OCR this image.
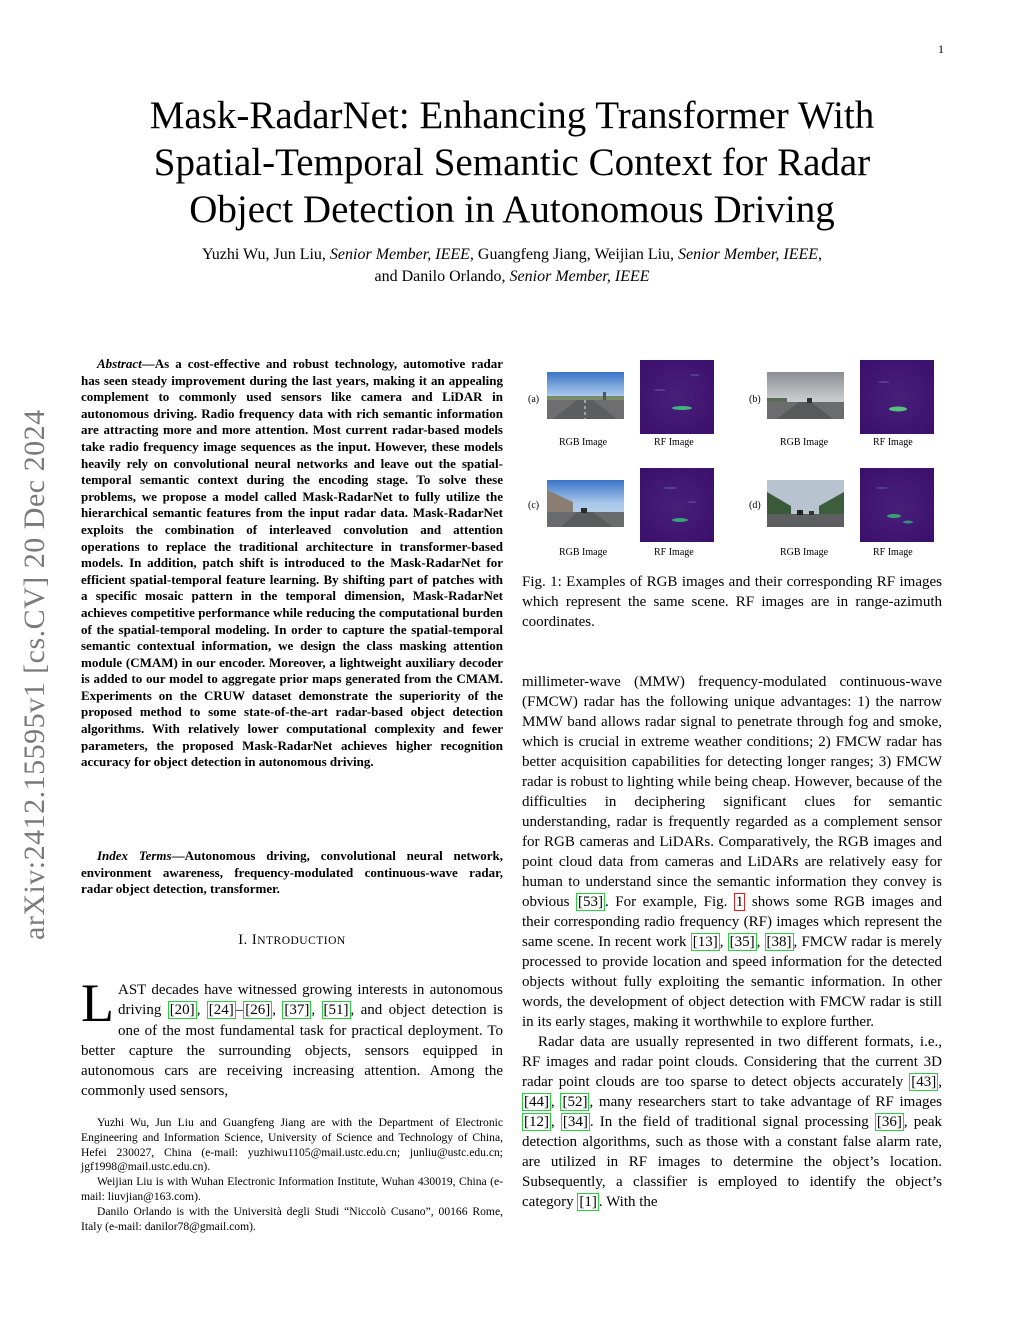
1
arXiv:2412.15595v1 [cs.CV] 20 Dec 2024
Mask-RadarNet: Enhancing Transformer With Spatial-Temporal Semantic Context for Radar Object Detection in Autonomous Driving
Yuzhi Wu, Jun Liu, Senior Member, IEEE, Guangfeng Jiang, Weijian Liu, Senior Member, IEEE,
and Danilo Orlando, Senior Member, IEEE
Abstract—As a cost-effective and robust technology, automotive radar has seen steady improvement during the last years, making it an appealing complement to commonly used sensors like camera and LiDAR in autonomous driving. Radio frequency data with rich semantic information are attracting more and more attention. Most current radar-based models take radio frequency image sequences as the input. However, these models heavily rely on convolutional neural networks and leave out the spatial-temporal semantic context during the encoding stage. To solve these problems, we propose a model called Mask-RadarNet to fully utilize the hierarchical semantic features from the input radar data. Mask-RadarNet exploits the combination of interleaved convolution and attention operations to replace the traditional architecture in transformer-based models. In addition, patch shift is introduced to the Mask-RadarNet for efficient spatial-temporal feature learning. By shifting part of patches with a specific mosaic pattern in the temporal dimension, Mask-RadarNet achieves competitive performance while reducing the computational burden of the spatial-temporal modeling. In order to capture the spatial-temporal semantic contextual information, we design the class masking attention module (CMAM) in our encoder. Moreover, a lightweight auxiliary decoder is added to our model to aggregate prior maps generated from the CMAM. Experiments on the CRUW dataset demonstrate the superiority of the proposed method to some state-of-the-art radar-based object detection algorithms. With relatively lower computational complexity and fewer parameters, the proposed Mask-RadarNet achieves higher recognition accuracy for object detection in autonomous driving.
Index Terms—Autonomous driving, convolutional neural network, environment awareness, frequency-modulated continuous-wave radar, radar object detection, transformer.
I. INTRODUCTION
LAST decades have witnessed growing interests in autonomous driving [20] , [24] – [26] , [37] , [51] , and object detection is one of the most fundamental task for practical deployment. To better capture the surrounding objects, sensors equipped in autonomous cars are receiving increasing attention. Among the commonly used sensors,

Yuzhi Wu, Jun Liu and Guangfeng Jiang are with the Department of Electronic Engineering and Information Science, University of Science and Technology of China, Hefei 230027, China (e-mail: yuzhiwu1105@mail.ustc.edu.cn; junliu@ustc.edu.cn; jgf1998@mail.ustc.edu.cn).

Weijian Liu is with Wuhan Electronic Information Institute, Wuhan 430019, China (e-mail: liuvjian@163.com).

Danilo Orlando is with the Università degli Studi “Niccolò Cusano”, 00166 Rome, Italy (e-mail: danilor78@gmail.com).

(a)
RGB Image	RF Image
(b)
RGB Image	RF Image
(c)
RGB Image	RF Image
(d)
RGB Image	RF Image
Fig. 1: Examples of RGB images and their corresponding RF images which represent the same scene. RF images are in range-azimuth coordinates.

millimeter-wave (MMW) frequency-modulated continuous-wave (FMCW) radar has the following unique advantages: 1) the narrow MMW band allows radar signal to penetrate through fog and smoke, which is crucial in extreme weather conditions; 2) FMCW radar has better acquisition capabilities for detecting longer ranges; 3) FMCW radar is robust to lighting while being cheap. However, because of the difficulties in deciphering significant clues for semantic understanding, radar is frequently regarded as a complement sensor for RGB cameras and LiDARs. Comparatively, the RGB images and point cloud data from cameras and LiDARs are relatively easy for human to understand since the semantic information they convey is obvious [53] . For example, Fig. 1 shows some RGB images and their corresponding radio frequency (RF) images which represent the same scene. In recent work [13] , [35] , [38] , FMCW radar is merely processed to provide location and speed information for the detected objects without fully exploiting the semantic information. In other words, the development of object detection with FMCW radar is still in its early stages, making it worthwhile to explore further.

Radar data are usually represented in two different formats, i.e., RF images and radar point clouds. Considering that the current 3D radar point clouds are too sparse to detect objects accurately [43] , [44] , [52] , many researchers start to take advantage of RF images [12] , [34] . In the field of traditional signal processing [36] , peak detection algorithms, such as those with a constant false alarm rate, are utilized in RF images to determine the object’s location. Subsequently, a classifier is employed to identify the object’s category [1] . With the
